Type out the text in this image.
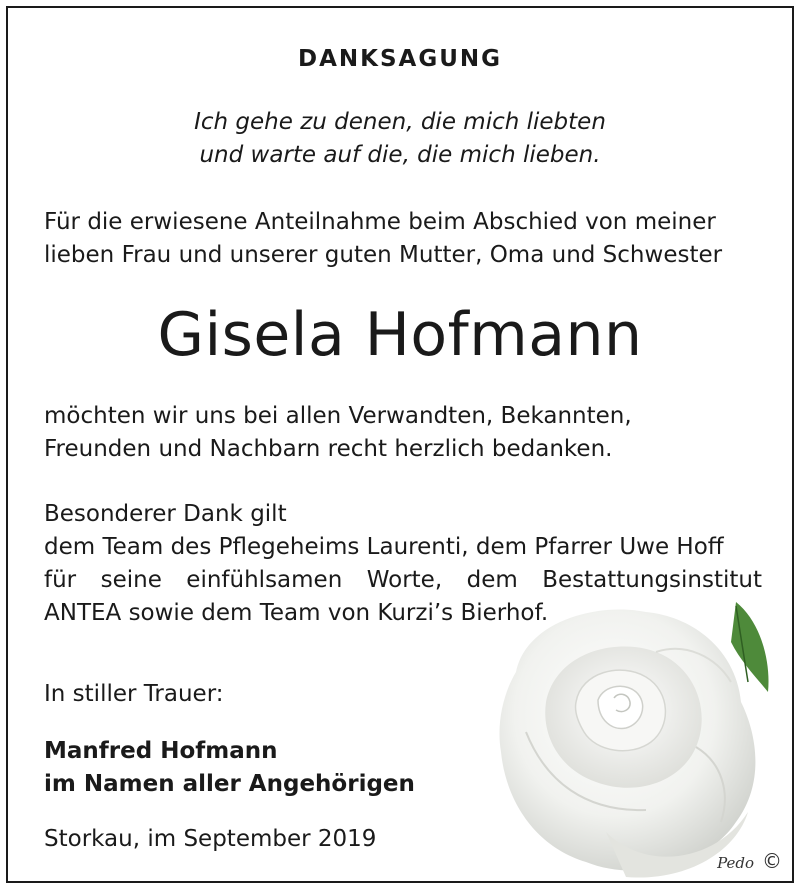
DANKSAGUNG
Ich gehe zu denen, die mich liebten
und warte auf die, die mich lieben.
Für die erwiesene Anteilnahme beim Abschied von meiner
lieben Frau und unserer guten Mutter, Oma und Schwester
Gisela Hofmann
möchten wir uns bei allen Verwandten, Bekannten,
Freunden und Nachbarn recht herzlich bedanken.
Besonderer Dank gilt
dem Team des Pflegeheims Laurenti, dem Pfarrer Uwe Hoff
für seine einfühlsamen Worte, dem Bestattungsinstitut
ANTEA sowie dem Team von Kurzi’s Bierhof.
In stiller Trauer:
Manfred Hofmann
im Namen aller Angehörigen
Storkau, im September 2019
Pedo ©
